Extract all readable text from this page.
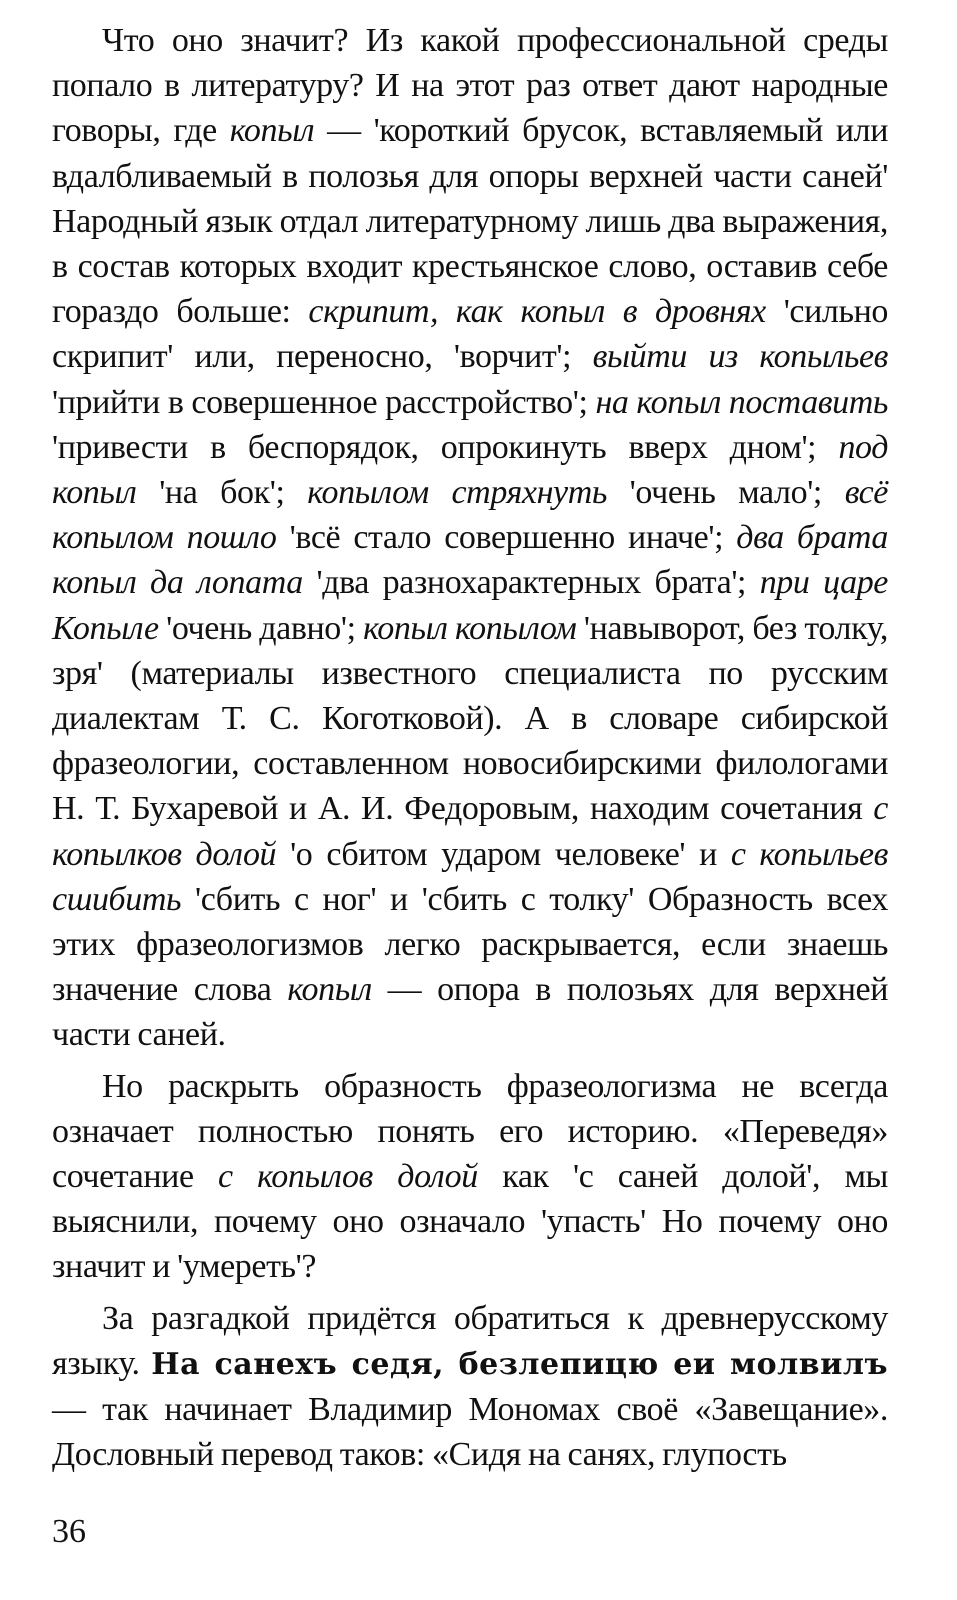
Что оно значит? Из какой профессиональной среды попало в литературу? И на этот раз ответ дают народные говоры, где копыл — 'короткий брусок, вставляемый или вдалбливаемый в полозья для опоры верхней части саней' Народный язык отдал литературному лишь два выражения, в состав которых входит крестьянское слово, оставив себе гораздо больше: скрипит, как копыл в дровнях 'сильно скрипит' или, переносно, 'ворчит'; выйти из копыльев 'прийти в совершенное расстройство'; на копыл поставить 'привести в беспорядок, опрокинуть вверх дном'; под копыл 'на бок'; копылом стряхнуть 'очень мало'; всё копылом пошло 'всё стало совершенно иначе'; два брата копыл да лопата 'два разнохарактерных брата'; при царе Копыле 'очень давно'; копыл копылом 'навыворот, без толку, зря' (материалы известного специалиста по русским диалектам Т. С. Коготковой). А в словаре сибирской фразеологии, составленном новосибирскими филологами Н. Т. Бухаревой и А. И. Федоровым, находим сочетания с копылков долой 'о сбитом ударом человеке' и с копыльев сшибить 'сбить с ног' и 'сбить с толку' Образность всех этих фразеологизмов легко раскрывается, если знаешь значение слова копыл — опора в полозьях для верхней части саней.

Но раскрыть образность фразеологизма не всегда означает полностью понять его историю. «Переведя» сочетание с копылов долой как 'с саней долой', мы выяснили, почему оно означало 'упасть' Но почему оно значит и 'умереть'?

За разгадкой придётся обратиться к древнерусскому языку. На санехъ седя, безлепицю еи молвилъ — так начинает Владимир Мономах своё «Завещание». Дословный перевод таков: «Сидя на санях, глупость

36
